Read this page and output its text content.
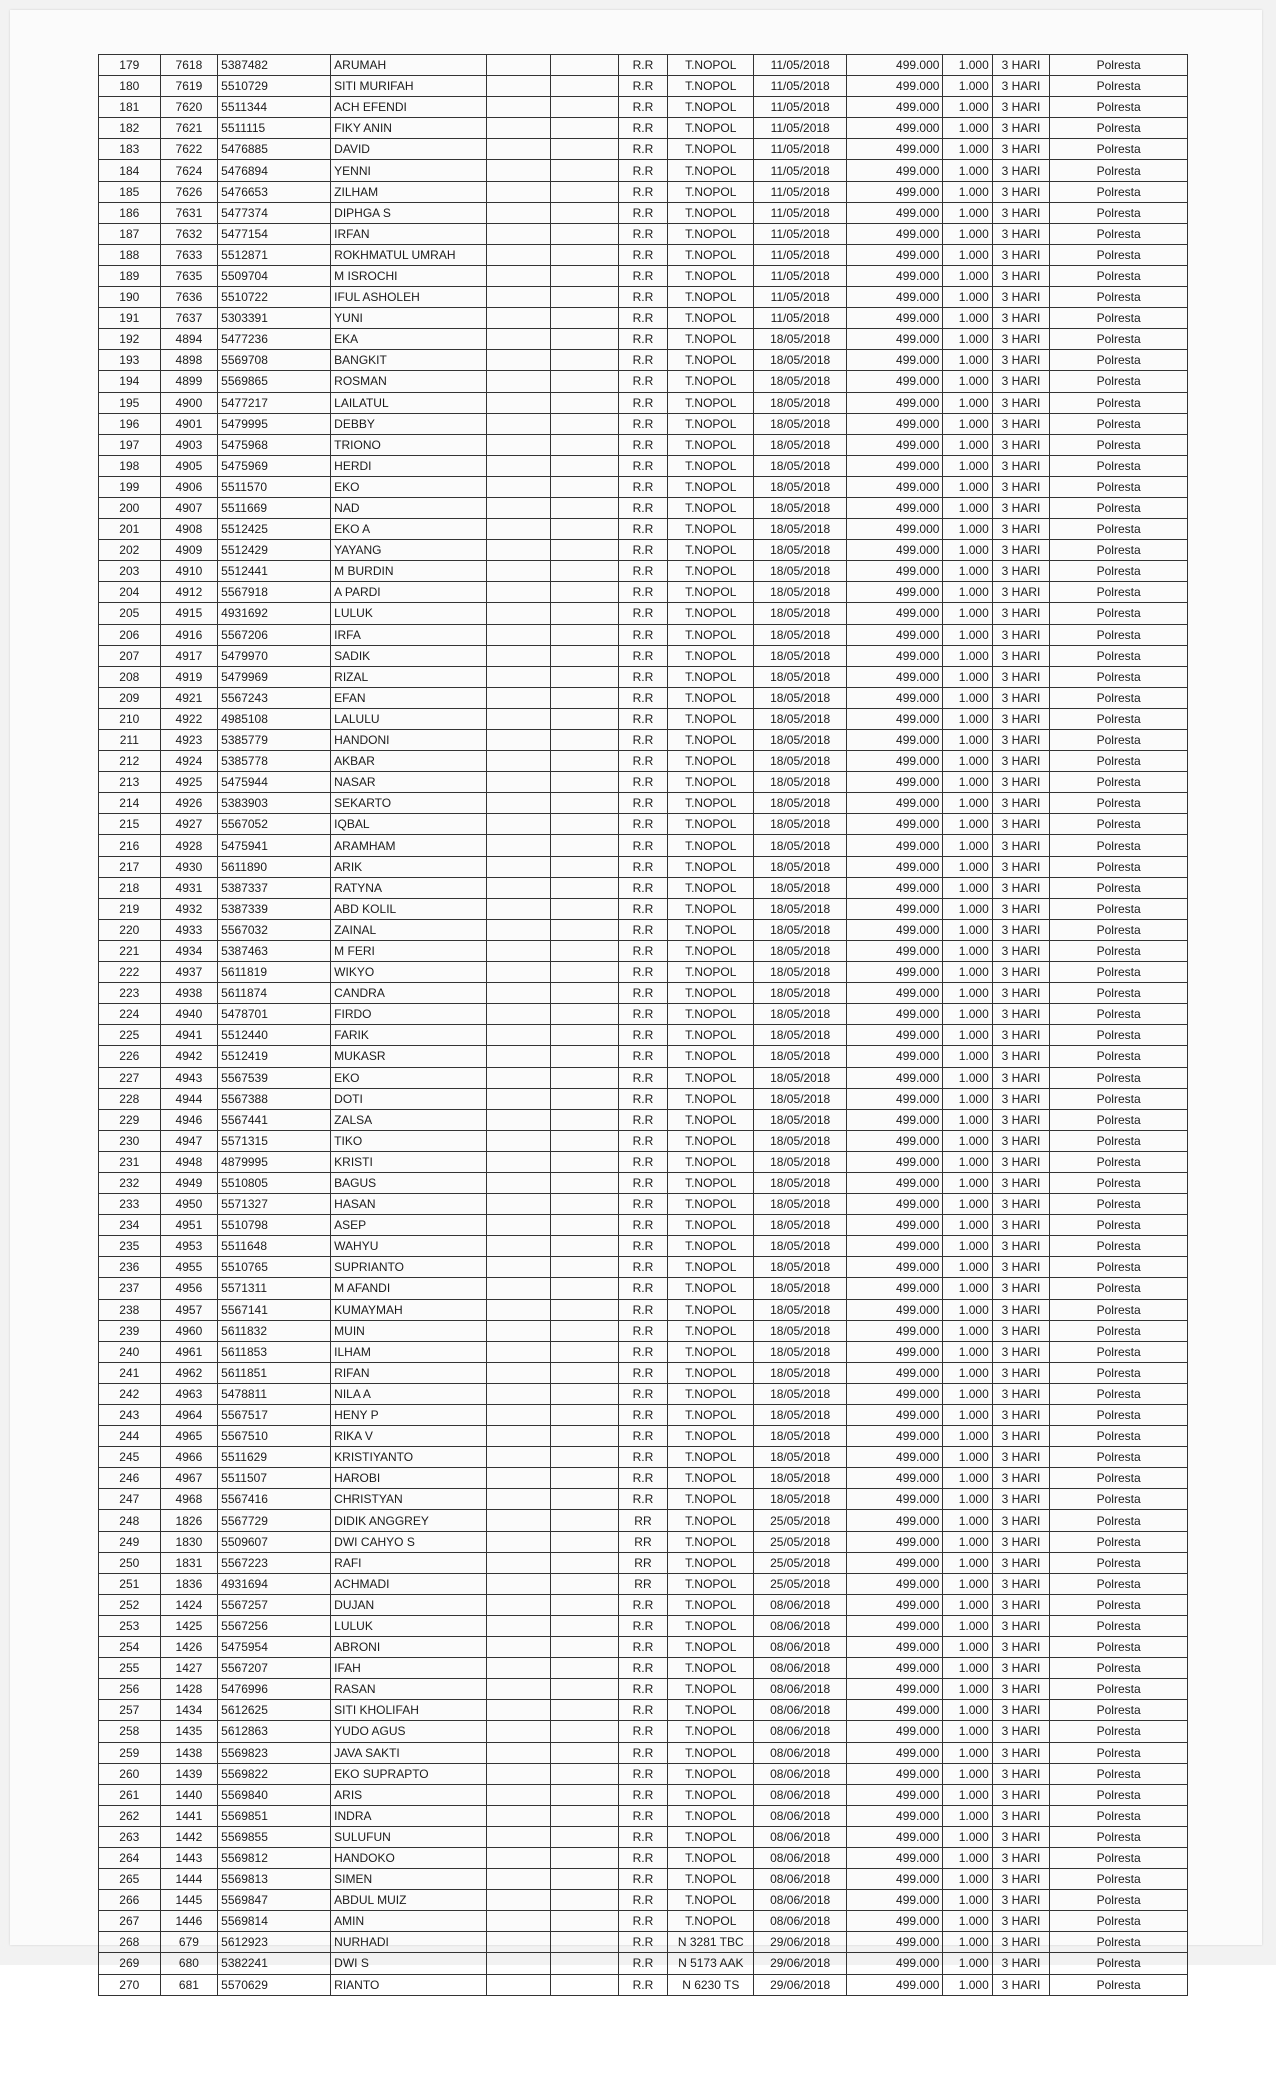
179	7618	5387482	ARUMAH			R.R	T.NOPOL	11/05/2018	499.000	1.000	3 HARI	Polresta
180	7619	5510729	SITI MURIFAH			R.R	T.NOPOL	11/05/2018	499.000	1.000	3 HARI	Polresta
181	7620	5511344	ACH EFENDI			R.R	T.NOPOL	11/05/2018	499.000	1.000	3 HARI	Polresta
182	7621	5511115	FIKY ANIN			R.R	T.NOPOL	11/05/2018	499.000	1.000	3 HARI	Polresta
183	7622	5476885	DAVID			R.R	T.NOPOL	11/05/2018	499.000	1.000	3 HARI	Polresta
184	7624	5476894	YENNI			R.R	T.NOPOL	11/05/2018	499.000	1.000	3 HARI	Polresta
185	7626	5476653	ZILHAM			R.R	T.NOPOL	11/05/2018	499.000	1.000	3 HARI	Polresta
186	7631	5477374	DIPHGA S			R.R	T.NOPOL	11/05/2018	499.000	1.000	3 HARI	Polresta
187	7632	5477154	IRFAN			R.R	T.NOPOL	11/05/2018	499.000	1.000	3 HARI	Polresta
188	7633	5512871	ROKHMATUL UMRAH			R.R	T.NOPOL	11/05/2018	499.000	1.000	3 HARI	Polresta
189	7635	5509704	M ISROCHI			R.R	T.NOPOL	11/05/2018	499.000	1.000	3 HARI	Polresta
190	7636	5510722	IFUL ASHOLEH			R.R	T.NOPOL	11/05/2018	499.000	1.000	3 HARI	Polresta
191	7637	5303391	YUNI			R.R	T.NOPOL	11/05/2018	499.000	1.000	3 HARI	Polresta
192	4894	5477236	EKA			R.R	T.NOPOL	18/05/2018	499.000	1.000	3 HARI	Polresta
193	4898	5569708	BANGKIT			R.R	T.NOPOL	18/05/2018	499.000	1.000	3 HARI	Polresta
194	4899	5569865	ROSMAN			R.R	T.NOPOL	18/05/2018	499.000	1.000	3 HARI	Polresta
195	4900	5477217	LAILATUL			R.R	T.NOPOL	18/05/2018	499.000	1.000	3 HARI	Polresta
196	4901	5479995	DEBBY			R.R	T.NOPOL	18/05/2018	499.000	1.000	3 HARI	Polresta
197	4903	5475968	TRIONO			R.R	T.NOPOL	18/05/2018	499.000	1.000	3 HARI	Polresta
198	4905	5475969	HERDI			R.R	T.NOPOL	18/05/2018	499.000	1.000	3 HARI	Polresta
199	4906	5511570	EKO			R.R	T.NOPOL	18/05/2018	499.000	1.000	3 HARI	Polresta
200	4907	5511669	NAD			R.R	T.NOPOL	18/05/2018	499.000	1.000	3 HARI	Polresta
201	4908	5512425	EKO A			R.R	T.NOPOL	18/05/2018	499.000	1.000	3 HARI	Polresta
202	4909	5512429	YAYANG			R.R	T.NOPOL	18/05/2018	499.000	1.000	3 HARI	Polresta
203	4910	5512441	M BURDIN			R.R	T.NOPOL	18/05/2018	499.000	1.000	3 HARI	Polresta
204	4912	5567918	A PARDI			R.R	T.NOPOL	18/05/2018	499.000	1.000	3 HARI	Polresta
205	4915	4931692	LULUK			R.R	T.NOPOL	18/05/2018	499.000	1.000	3 HARI	Polresta
206	4916	5567206	IRFA			R.R	T.NOPOL	18/05/2018	499.000	1.000	3 HARI	Polresta
207	4917	5479970	SADIK			R.R	T.NOPOL	18/05/2018	499.000	1.000	3 HARI	Polresta
208	4919	5479969	RIZAL			R.R	T.NOPOL	18/05/2018	499.000	1.000	3 HARI	Polresta
209	4921	5567243	EFAN			R.R	T.NOPOL	18/05/2018	499.000	1.000	3 HARI	Polresta
210	4922	4985108	LALULU			R.R	T.NOPOL	18/05/2018	499.000	1.000	3 HARI	Polresta
211	4923	5385779	HANDONI			R.R	T.NOPOL	18/05/2018	499.000	1.000	3 HARI	Polresta
212	4924	5385778	AKBAR			R.R	T.NOPOL	18/05/2018	499.000	1.000	3 HARI	Polresta
213	4925	5475944	NASAR			R.R	T.NOPOL	18/05/2018	499.000	1.000	3 HARI	Polresta
214	4926	5383903	SEKARTO			R.R	T.NOPOL	18/05/2018	499.000	1.000	3 HARI	Polresta
215	4927	5567052	IQBAL			R.R	T.NOPOL	18/05/2018	499.000	1.000	3 HARI	Polresta
216	4928	5475941	ARAMHAM			R.R	T.NOPOL	18/05/2018	499.000	1.000	3 HARI	Polresta
217	4930	5611890	ARIK			R.R	T.NOPOL	18/05/2018	499.000	1.000	3 HARI	Polresta
218	4931	5387337	RATYNA			R.R	T.NOPOL	18/05/2018	499.000	1.000	3 HARI	Polresta
219	4932	5387339	ABD KOLIL			R.R	T.NOPOL	18/05/2018	499.000	1.000	3 HARI	Polresta
220	4933	5567032	ZAINAL			R.R	T.NOPOL	18/05/2018	499.000	1.000	3 HARI	Polresta
221	4934	5387463	M FERI			R.R	T.NOPOL	18/05/2018	499.000	1.000	3 HARI	Polresta
222	4937	5611819	WIKYO			R.R	T.NOPOL	18/05/2018	499.000	1.000	3 HARI	Polresta
223	4938	5611874	CANDRA			R.R	T.NOPOL	18/05/2018	499.000	1.000	3 HARI	Polresta
224	4940	5478701	FIRDO			R.R	T.NOPOL	18/05/2018	499.000	1.000	3 HARI	Polresta
225	4941	5512440	FARIK			R.R	T.NOPOL	18/05/2018	499.000	1.000	3 HARI	Polresta
226	4942	5512419	MUKASR			R.R	T.NOPOL	18/05/2018	499.000	1.000	3 HARI	Polresta
227	4943	5567539	EKO			R.R	T.NOPOL	18/05/2018	499.000	1.000	3 HARI	Polresta
228	4944	5567388	DOTI			R.R	T.NOPOL	18/05/2018	499.000	1.000	3 HARI	Polresta
229	4946	5567441	ZALSA			R.R	T.NOPOL	18/05/2018	499.000	1.000	3 HARI	Polresta
230	4947	5571315	TIKO			R.R	T.NOPOL	18/05/2018	499.000	1.000	3 HARI	Polresta
231	4948	4879995	KRISTI			R.R	T.NOPOL	18/05/2018	499.000	1.000	3 HARI	Polresta
232	4949	5510805	BAGUS			R.R	T.NOPOL	18/05/2018	499.000	1.000	3 HARI	Polresta
233	4950	5571327	HASAN			R.R	T.NOPOL	18/05/2018	499.000	1.000	3 HARI	Polresta
234	4951	5510798	ASEP			R.R	T.NOPOL	18/05/2018	499.000	1.000	3 HARI	Polresta
235	4953	5511648	WAHYU			R.R	T.NOPOL	18/05/2018	499.000	1.000	3 HARI	Polresta
236	4955	5510765	SUPRIANTO			R.R	T.NOPOL	18/05/2018	499.000	1.000	3 HARI	Polresta
237	4956	5571311	M AFANDI			R.R	T.NOPOL	18/05/2018	499.000	1.000	3 HARI	Polresta
238	4957	5567141	KUMAYMAH			R.R	T.NOPOL	18/05/2018	499.000	1.000	3 HARI	Polresta
239	4960	5611832	MUIN			R.R	T.NOPOL	18/05/2018	499.000	1.000	3 HARI	Polresta
240	4961	5611853	ILHAM			R.R	T.NOPOL	18/05/2018	499.000	1.000	3 HARI	Polresta
241	4962	5611851	RIFAN			R.R	T.NOPOL	18/05/2018	499.000	1.000	3 HARI	Polresta
242	4963	5478811	NILA A			R.R	T.NOPOL	18/05/2018	499.000	1.000	3 HARI	Polresta
243	4964	5567517	HENY P			R.R	T.NOPOL	18/05/2018	499.000	1.000	3 HARI	Polresta
244	4965	5567510	RIKA V			R.R	T.NOPOL	18/05/2018	499.000	1.000	3 HARI	Polresta
245	4966	5511629	KRISTIYANTO			R.R	T.NOPOL	18/05/2018	499.000	1.000	3 HARI	Polresta
246	4967	5511507	HAROBI			R.R	T.NOPOL	18/05/2018	499.000	1.000	3 HARI	Polresta
247	4968	5567416	CHRISTYAN			R.R	T.NOPOL	18/05/2018	499.000	1.000	3 HARI	Polresta
248	1826	5567729	DIDIK ANGGREY			RR	T.NOPOL	25/05/2018	499.000	1.000	3 HARI	Polresta
249	1830	5509607	DWI CAHYO S			RR	T.NOPOL	25/05/2018	499.000	1.000	3 HARI	Polresta
250	1831	5567223	RAFI			RR	T.NOPOL	25/05/2018	499.000	1.000	3 HARI	Polresta
251	1836	4931694	ACHMADI			RR	T.NOPOL	25/05/2018	499.000	1.000	3 HARI	Polresta
252	1424	5567257	DUJAN			R.R	T.NOPOL	08/06/2018	499.000	1.000	3 HARI	Polresta
253	1425	5567256	LULUK			R.R	T.NOPOL	08/06/2018	499.000	1.000	3 HARI	Polresta
254	1426	5475954	ABRONI			R.R	T.NOPOL	08/06/2018	499.000	1.000	3 HARI	Polresta
255	1427	5567207	IFAH			R.R	T.NOPOL	08/06/2018	499.000	1.000	3 HARI	Polresta
256	1428	5476996	RASAN			R.R	T.NOPOL	08/06/2018	499.000	1.000	3 HARI	Polresta
257	1434	5612625	SITI KHOLIFAH			R.R	T.NOPOL	08/06/2018	499.000	1.000	3 HARI	Polresta
258	1435	5612863	YUDO AGUS			R.R	T.NOPOL	08/06/2018	499.000	1.000	3 HARI	Polresta
259	1438	5569823	JAVA SAKTI			R.R	T.NOPOL	08/06/2018	499.000	1.000	3 HARI	Polresta
260	1439	5569822	EKO SUPRAPTO			R.R	T.NOPOL	08/06/2018	499.000	1.000	3 HARI	Polresta
261	1440	5569840	ARIS			R.R	T.NOPOL	08/06/2018	499.000	1.000	3 HARI	Polresta
262	1441	5569851	INDRA			R.R	T.NOPOL	08/06/2018	499.000	1.000	3 HARI	Polresta
263	1442	5569855	SULUFUN			R.R	T.NOPOL	08/06/2018	499.000	1.000	3 HARI	Polresta
264	1443	5569812	HANDOKO			R.R	T.NOPOL	08/06/2018	499.000	1.000	3 HARI	Polresta
265	1444	5569813	SIMEN			R.R	T.NOPOL	08/06/2018	499.000	1.000	3 HARI	Polresta
266	1445	5569847	ABDUL MUIZ			R.R	T.NOPOL	08/06/2018	499.000	1.000	3 HARI	Polresta
267	1446	5569814	AMIN			R.R	T.NOPOL	08/06/2018	499.000	1.000	3 HARI	Polresta
268	679	5612923	NURHADI			R.R	N 3281 TBC	29/06/2018	499.000	1.000	3 HARI	Polresta
269	680	5382241	DWI S			R.R	N 5173 AAK	29/06/2018	499.000	1.000	3 HARI	Polresta
270	681	5570629	RIANTO			R.R	N 6230 TS	29/06/2018	499.000	1.000	3 HARI	Polresta
